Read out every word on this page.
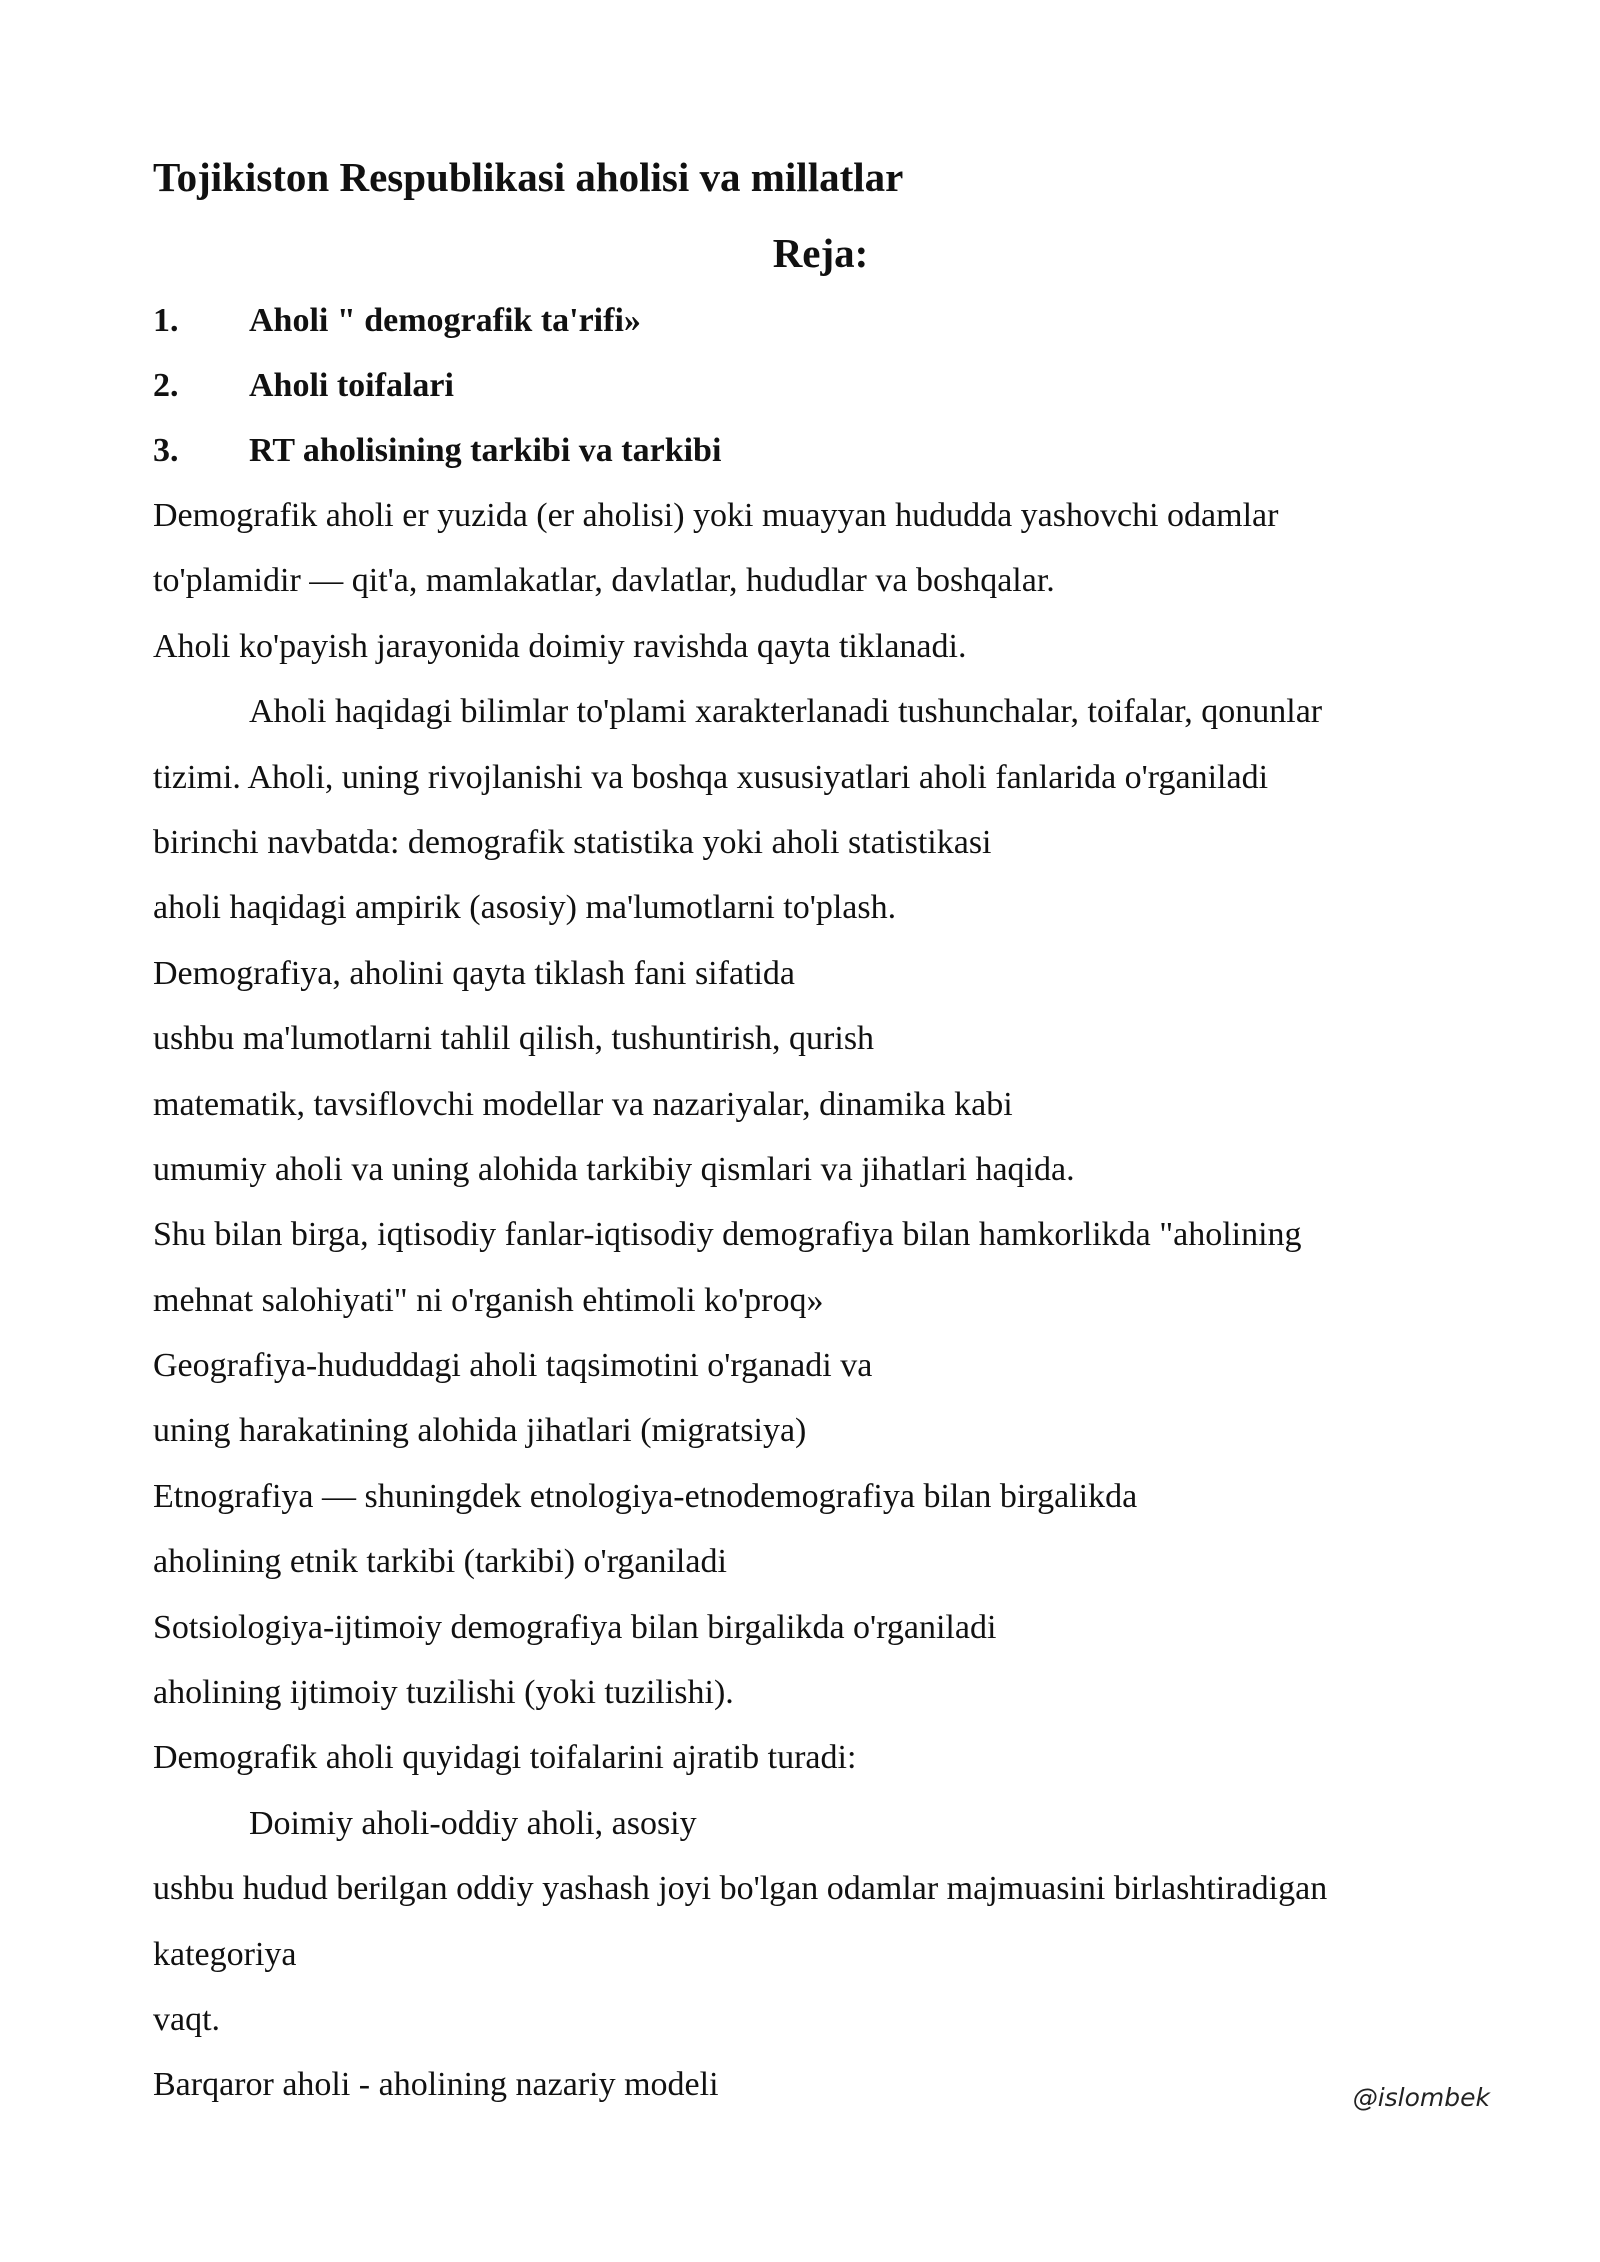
Tojikiston Respublikasi aholisi va millatlar
Reja:
1. Aholi " demografik ta'rifi»
2. Aholi toifalari
3. RT aholisining tarkibi va tarkibi
Demografik aholi er yuzida (er aholisi) yoki muayyan hududda yashovchi odamlar
to'plamidir — qit'a, mamlakatlar, davlatlar, hududlar va boshqalar.
Aholi ko'payish jarayonida doimiy ravishda qayta tiklanadi.
Aholi haqidagi bilimlar to'plami xarakterlanadi tushunchalar, toifalar, qonunlar
tizimi. Aholi, uning rivojlanishi va boshqa xususiyatlari aholi fanlarida o'rganiladi
birinchi navbatda: demografik statistika yoki aholi statistikasi
aholi haqidagi ampirik (asosiy) ma'lumotlarni to'plash.
Demografiya, aholini qayta tiklash fani sifatida
ushbu ma'lumotlarni tahlil qilish, tushuntirish, qurish
matematik, tavsiflovchi modellar va nazariyalar, dinamika kabi
umumiy aholi va uning alohida tarkibiy qismlari va jihatlari haqida.
Shu bilan birga, iqtisodiy fanlar-iqtisodiy demografiya bilan hamkorlikda "aholining
mehnat salohiyati" ni o'rganish ehtimoli ko'proq»
Geografiya-hududdagi aholi taqsimotini o'rganadi va
uning harakatining alohida jihatlari (migratsiya)
Etnografiya — shuningdek etnologiya-etnodemografiya bilan birgalikda
aholining etnik tarkibi (tarkibi) o'rganiladi
Sotsiologiya-ijtimoiy demografiya bilan birgalikda o'rganiladi
aholining ijtimoiy tuzilishi (yoki tuzilishi).
Demografik aholi quyidagi toifalarini ajratib turadi:
Doimiy aholi-oddiy aholi, asosiy
ushbu hudud berilgan oddiy yashash joyi bo'lgan odamlar majmuasini birlashtiradigan
kategoriya
vaqt.
Barqaror aholi - aholining nazariy modeli	@islombek
